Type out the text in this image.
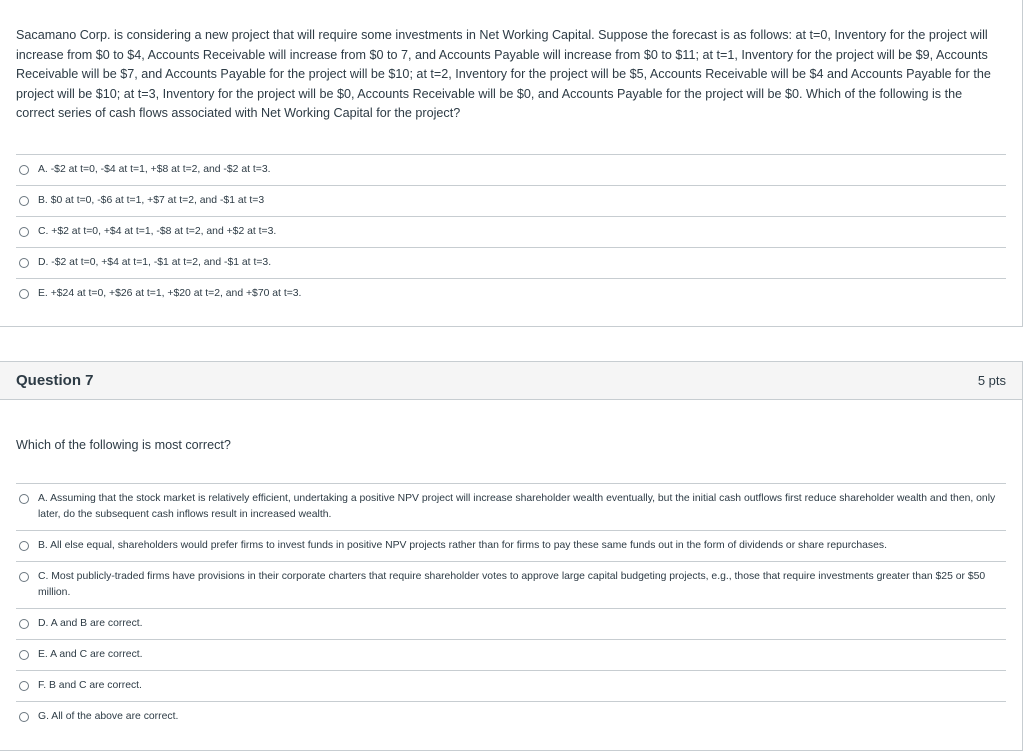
Sacamano Corp. is considering a new project that will require some investments in Net Working Capital. Suppose the forecast is as follows: at t=0, Inventory for the project will increase from $0 to $4, Accounts Receivable will increase from $0 to 7, and Accounts Payable will increase from $0 to $11; at t=1, Inventory for the project will be $9, Accounts Receivable will be $7, and Accounts Payable for the project will be $10; at t=2, Inventory for the project will be $5, Accounts Receivable will be $4 and Accounts Payable for the project will be $10; at t=3, Inventory for the project will be $0, Accounts Receivable will be $0, and Accounts Payable for the project will be $0. Which of the following is the correct series of cash flows associated with Net Working Capital for the project?
A. -$2 at t=0, -$4 at t=1, +$8 at t=2, and -$2 at t=3.
B. $0 at t=0, -$6 at t=1, +$7 at t=2, and -$1 at t=3
C. +$2 at t=0, +$4 at t=1, -$8 at t=2, and +$2 at t=3.
D. -$2 at t=0, +$4 at t=1, -$1 at t=2, and -$1 at t=3.
E. +$24 at t=0, +$26 at t=1, +$20 at t=2, and +$70 at t=3.
Question 7	5 pts
Which of the following is most correct?
A. Assuming that the stock market is relatively efficient, undertaking a positive NPV project will increase shareholder wealth eventually, but the initial cash outflows first reduce shareholder wealth and then, only later, do the subsequent cash inflows result in increased wealth.
B. All else equal, shareholders would prefer firms to invest funds in positive NPV projects rather than for firms to pay these same funds out in the form of dividends or share repurchases.
C. Most publicly-traded firms have provisions in their corporate charters that require shareholder votes to approve large capital budgeting projects, e.g., those that require investments greater than $25 or $50 million.
D. A and B are correct.
E. A and C are correct.
F. B and C are correct.
G. All of the above are correct.
